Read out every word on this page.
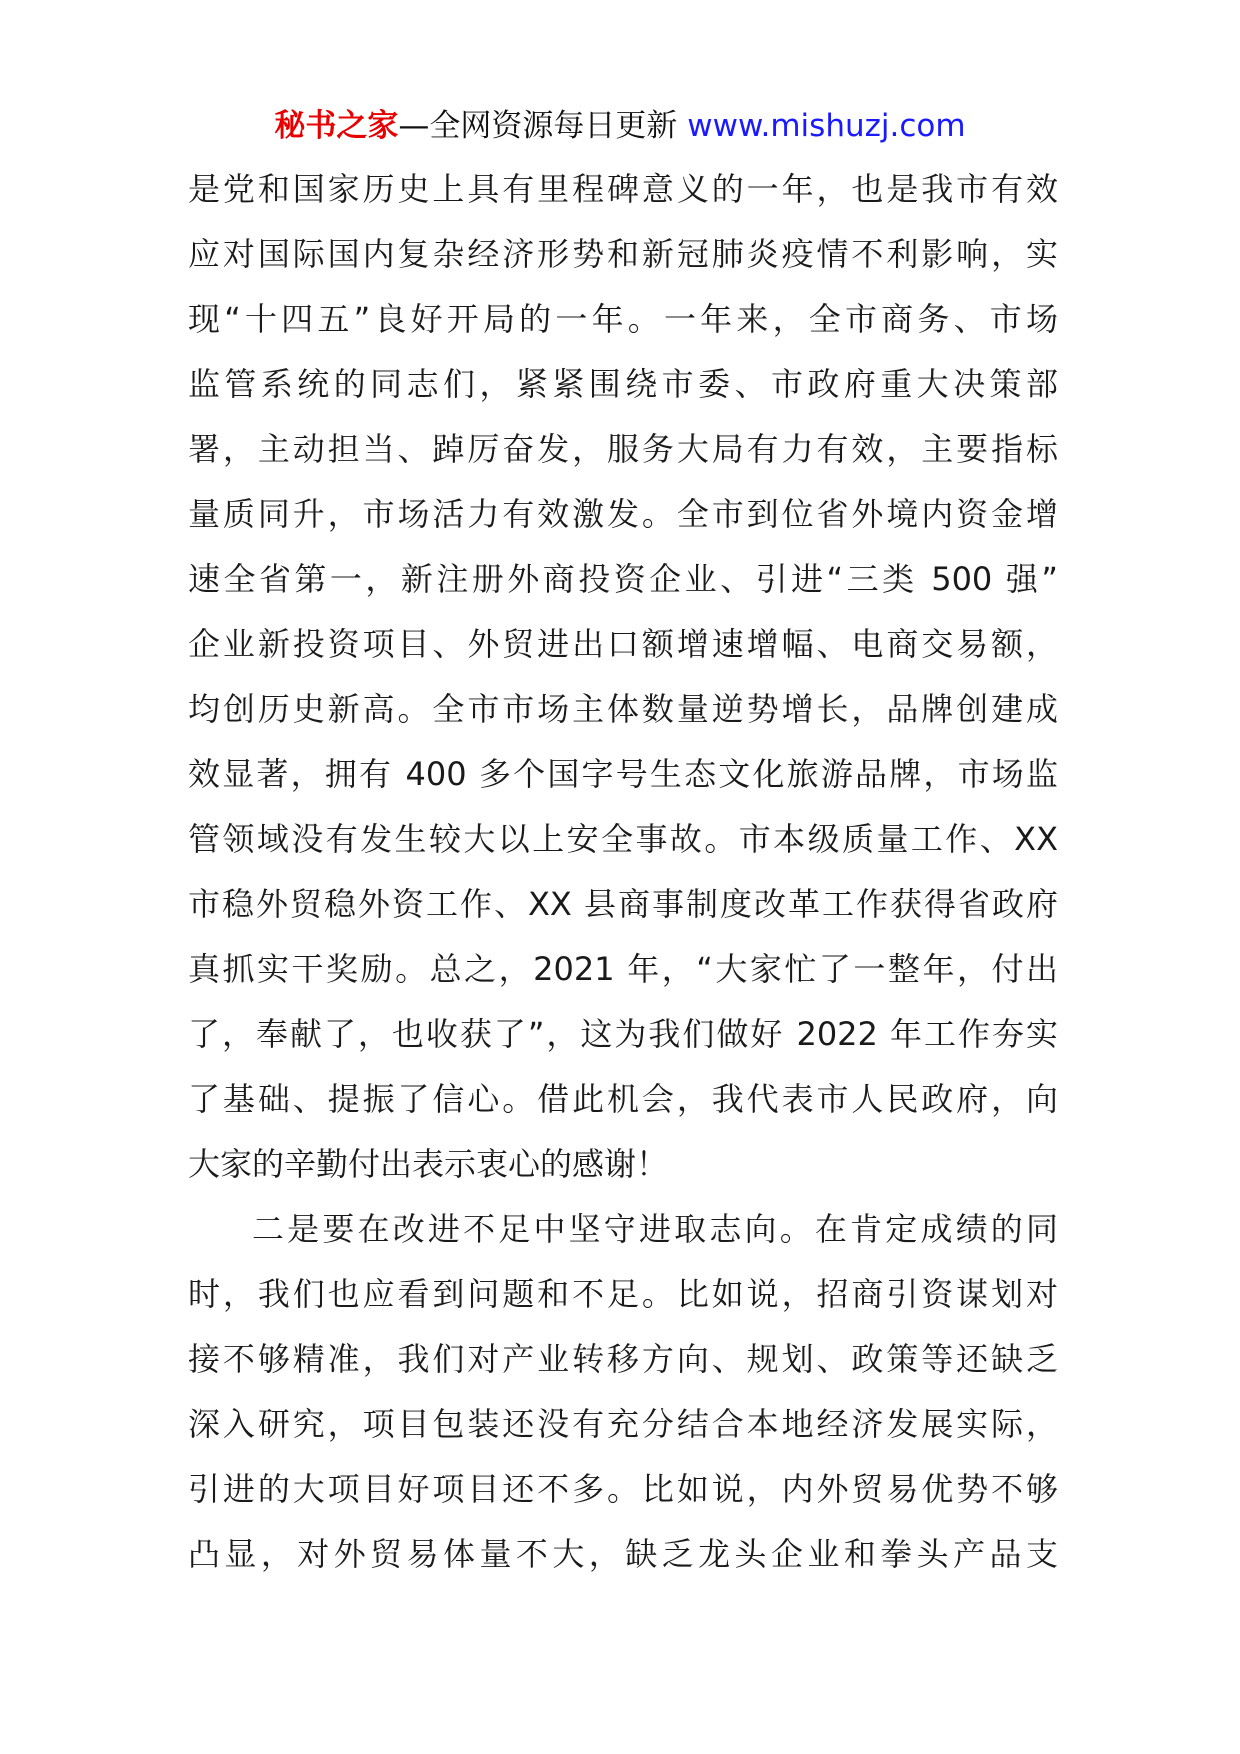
秘书之家—全网资源每日更新 www.mishuzj.com
是党和国家历史上具有里程碑意义的一年，也是我市有效
应对国际国内复杂经济形势和新冠肺炎疫情不利影响，实
现“十四五”良好开局的一年。一年来，全市商务、市场
监管系统的同志们，紧紧围绕市委、市政府重大决策部
署，主动担当、踔厉奋发，服务大局有力有效，主要指标
量质同升，市场活力有效激发。全市到位省外境内资金增
速全省第一，新注册外商投资企业、引进“三类 500 强”
企业新投资项目、外贸进出口额增速增幅、电商交易额，
均创历史新高。全市市场主体数量逆势增长，品牌创建成
效显著，拥有 400 多个国字号生态文化旅游品牌，市场监
管领域没有发生较大以上安全事故。市本级质量工作、XX
市稳外贸稳外资工作、XX 县商事制度改革工作获得省政府
真抓实干奖励。总之，2021 年，“大家忙了一整年，付出
了，奉献了，也收获了”，这为我们做好 2022 年工作夯实
了基础、提振了信心。借此机会，我代表市人民政府，向
大家的辛勤付出表示衷心的感谢！
二是要在改进不足中坚守进取志向。在肯定成绩的同
时，我们也应看到问题和不足。比如说，招商引资谋划对
接不够精准，我们对产业转移方向、规划、政策等还缺乏
深入研究，项目包装还没有充分结合本地经济发展实际，
引进的大项目好项目还不多。比如说，内外贸易优势不够
凸显，对外贸易体量不大，缺乏龙头企业和拳头产品支
